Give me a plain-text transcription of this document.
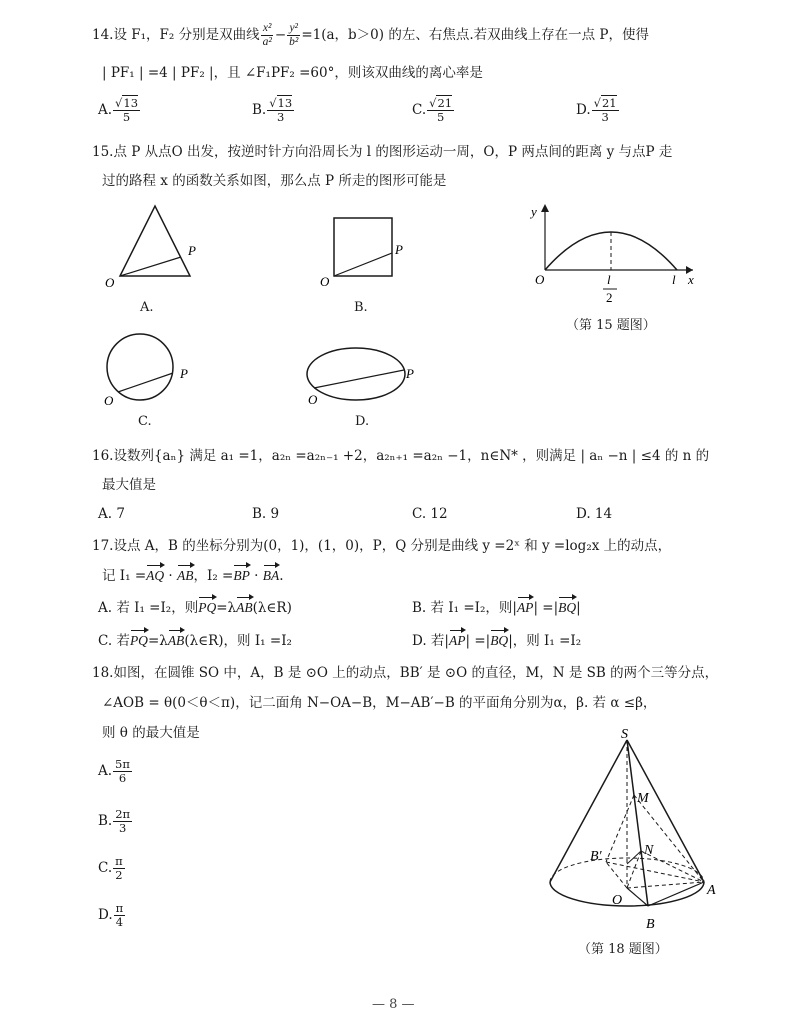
14.设 F₁，F₂ 分别是双曲线 $\frac{\text{x²}}{\text{a²}} - \frac{\text{y²}}{\text{b²}} =1(a$，b＞0) 的左、右焦点.若双曲线上存在一点 P，使得
| PF₁ | =4 | PF₂ |，且 ∠F₁PF₂ =60°，则该双曲线的离心率是
A. $\frac{√13}{5}$	B. $\frac{√13}{3}$	C. $\frac{√21}{5}$	D. $\frac{√21}{3}$
15.点 P 从点O 出发，按逆时针方向沿周长为 l 的图形运动一周，O，P 两点间的距离 y 与点P 走
过的路程 x 的函数关系如图，那么点 P 所走的图形可能是
O
P
A.
O
P
B.
y
x
O	l
2
l
（第 15 题图）
O
P
C.
O
P
D.
16.设数列{aₙ} 满足 a₁ =1，a₂ₙ =a₂ₙ₋₁ +2，a₂ₙ₊₁ =a₂ₙ −1，n∈N* ，则满足 | aₙ −n | ≤4 的 n 的
最大值是
A. 7	B. 9	C. 12	D. 14
17.设点 A，B 的坐标分别为(0，1)，(1，0)，P，Q 分别是曲线 y =2ˣ 和 y =log₂x 上的动点，
记 I₁ =AQ · AB，I₂ =BP · BA.
A. 若 I₁ =I₂，则PQ=λAB(λ∈R)	B. 若 I₁ =I₂，则|AP| =|BQ|
C. 若PQ=λAB(λ∈R)，则 I₁ =I₂	D. 若|AP| =|BQ|，则 I₁ =I₂
18.如图，在圆锥 SO 中，A，B 是 ⊙O 上的动点，BB′ 是 ⊙O 的直径，M，N 是 SB 的两个三等分点，
∠AOB = θ(0＜θ＜π)，记二面角 N−OA−B，M−AB′−B 的平面角分别为α，β. 若 α ≤β，
则 θ 的最大值是
A. $\frac{5\pi}{6}$
B. $\frac{2\pi}{3}$
C. $\frac{\pi}{2}$
D. $\frac{\pi}{4}$
S
M
N
B′
O
A
B
（第 18 题图）
— 8 —
